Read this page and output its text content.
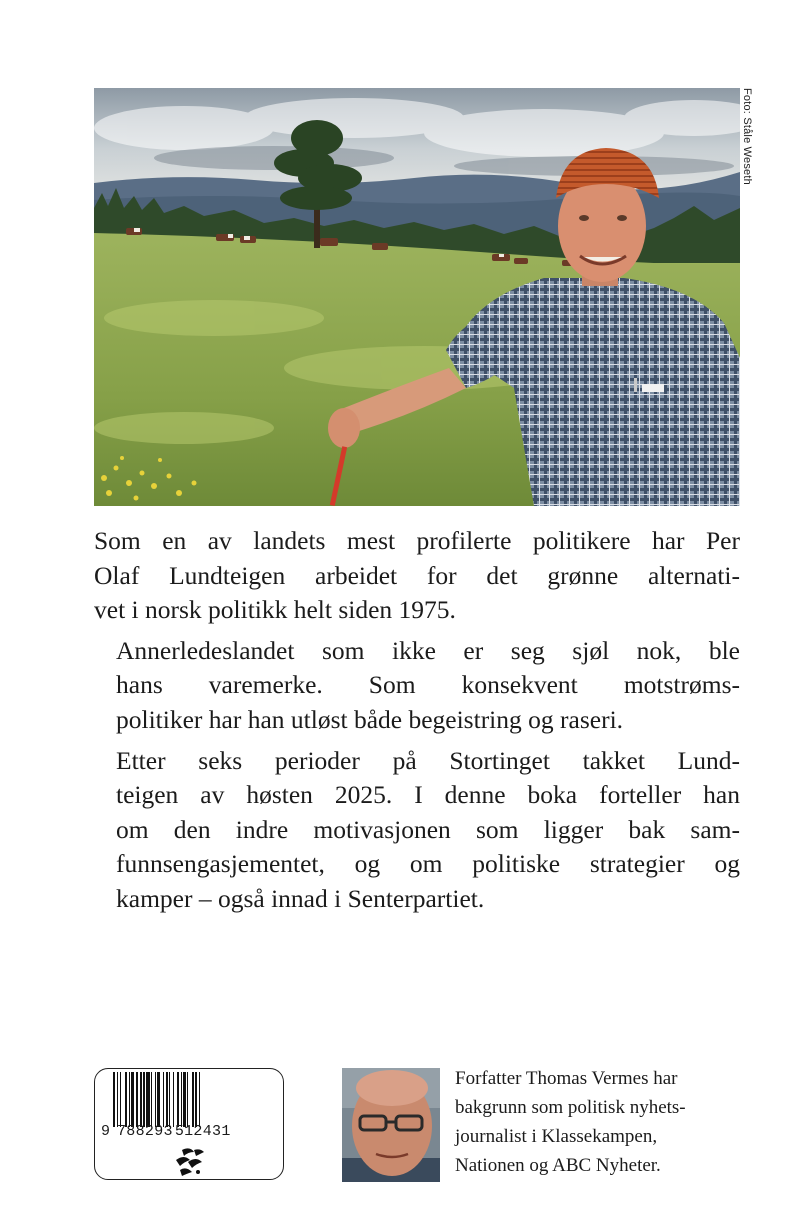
Foto: Ståle Weseth

Som en av landets mest profilerte politikere har Per
Olaf Lundteigen arbeidet for det grønne alternati-
vet i norsk politikk helt siden 1975.

Annerledeslandet som ikke er seg sjøl nok, ble
hans varemerke. Som konsekvent motstrøms-
politiker har han utløst både begeistring og raseri.

Etter seks perioder på Stortinget takket Lund-
teigen av høsten 2025. I denne boka forteller han
om den indre motivasjonen som ligger bak sam-
funnsengasjementet, og om politiske strategier og
kamper – også innad i Senterpartiet.

9 788293 512431
Forfatter Thomas Vermes har
bakgrunn som politisk nyhets-
journalist i Klassekampen,
Nationen og ABC Nyheter.
